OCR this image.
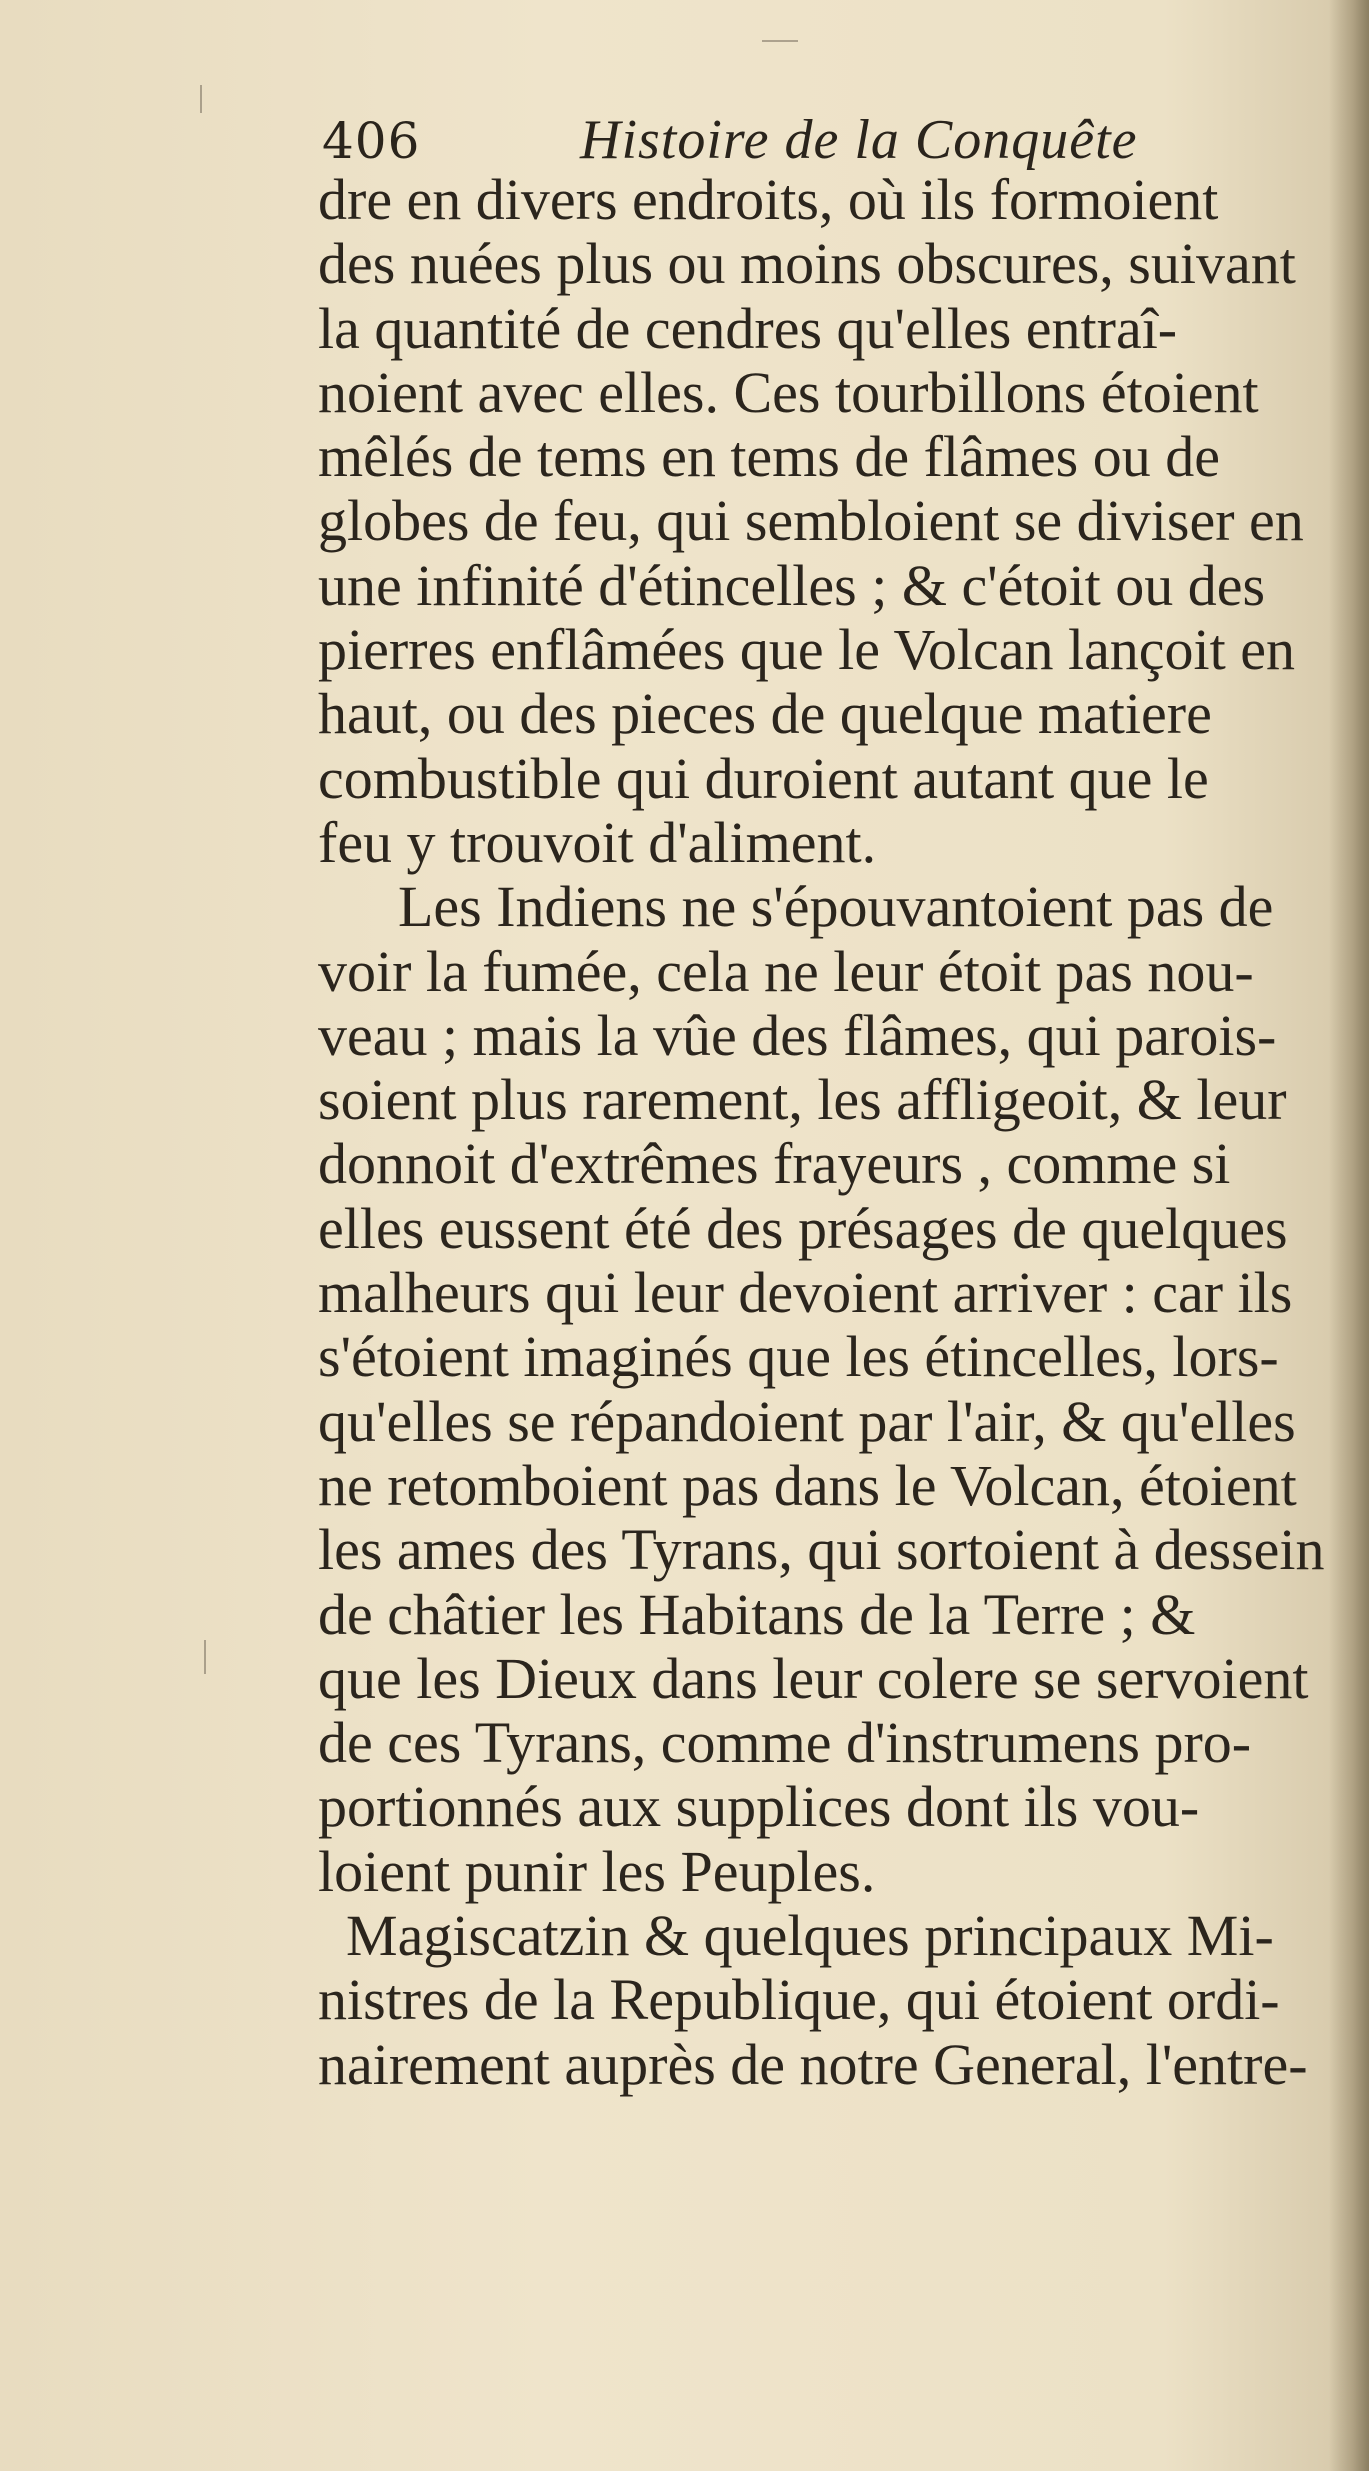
406	Histoire de la Conquête
dre en divers endroits, où ils formoient
des nuées plus ou moins obscures, suivant
la quantité de cendres qu'elles entraî-
noient avec elles. Ces tourbillons étoient
mêlés de tems en tems de flâmes ou de
globes de feu, qui sembloient se diviser en
une infinité d'étincelles ; & c'étoit ou des
pierres enflâmées que le Volcan lançoit en
haut, ou des pieces de quelque matiere
combustible qui duroient autant que le
feu y trouvoit d'aliment.
Les Indiens ne s'épouvantoient pas de
voir la fumée, cela ne leur étoit pas nou-
veau ; mais la vûe des flâmes, qui parois-
soient plus rarement, les affligeoit, & leur
donnoit d'extrêmes frayeurs , comme si
elles eussent été des présages de quelques
malheurs qui leur devoient arriver : car ils
s'étoient imaginés que les étincelles, lors-
qu'elles se répandoient par l'air, & qu'elles
ne retomboient pas dans le Volcan, étoient
les ames des Tyrans, qui sortoient à dessein
de châtier les Habitans de la Terre ; &
que les Dieux dans leur colere se servoient
de ces Tyrans, comme d'instrumens pro-
portionnés aux supplices dont ils vou-
loient punir les Peuples.
Magiscatzin & quelques principaux Mi-
nistres de la Republique, qui étoient ordi-
nairement auprès de notre General, l'entre-
